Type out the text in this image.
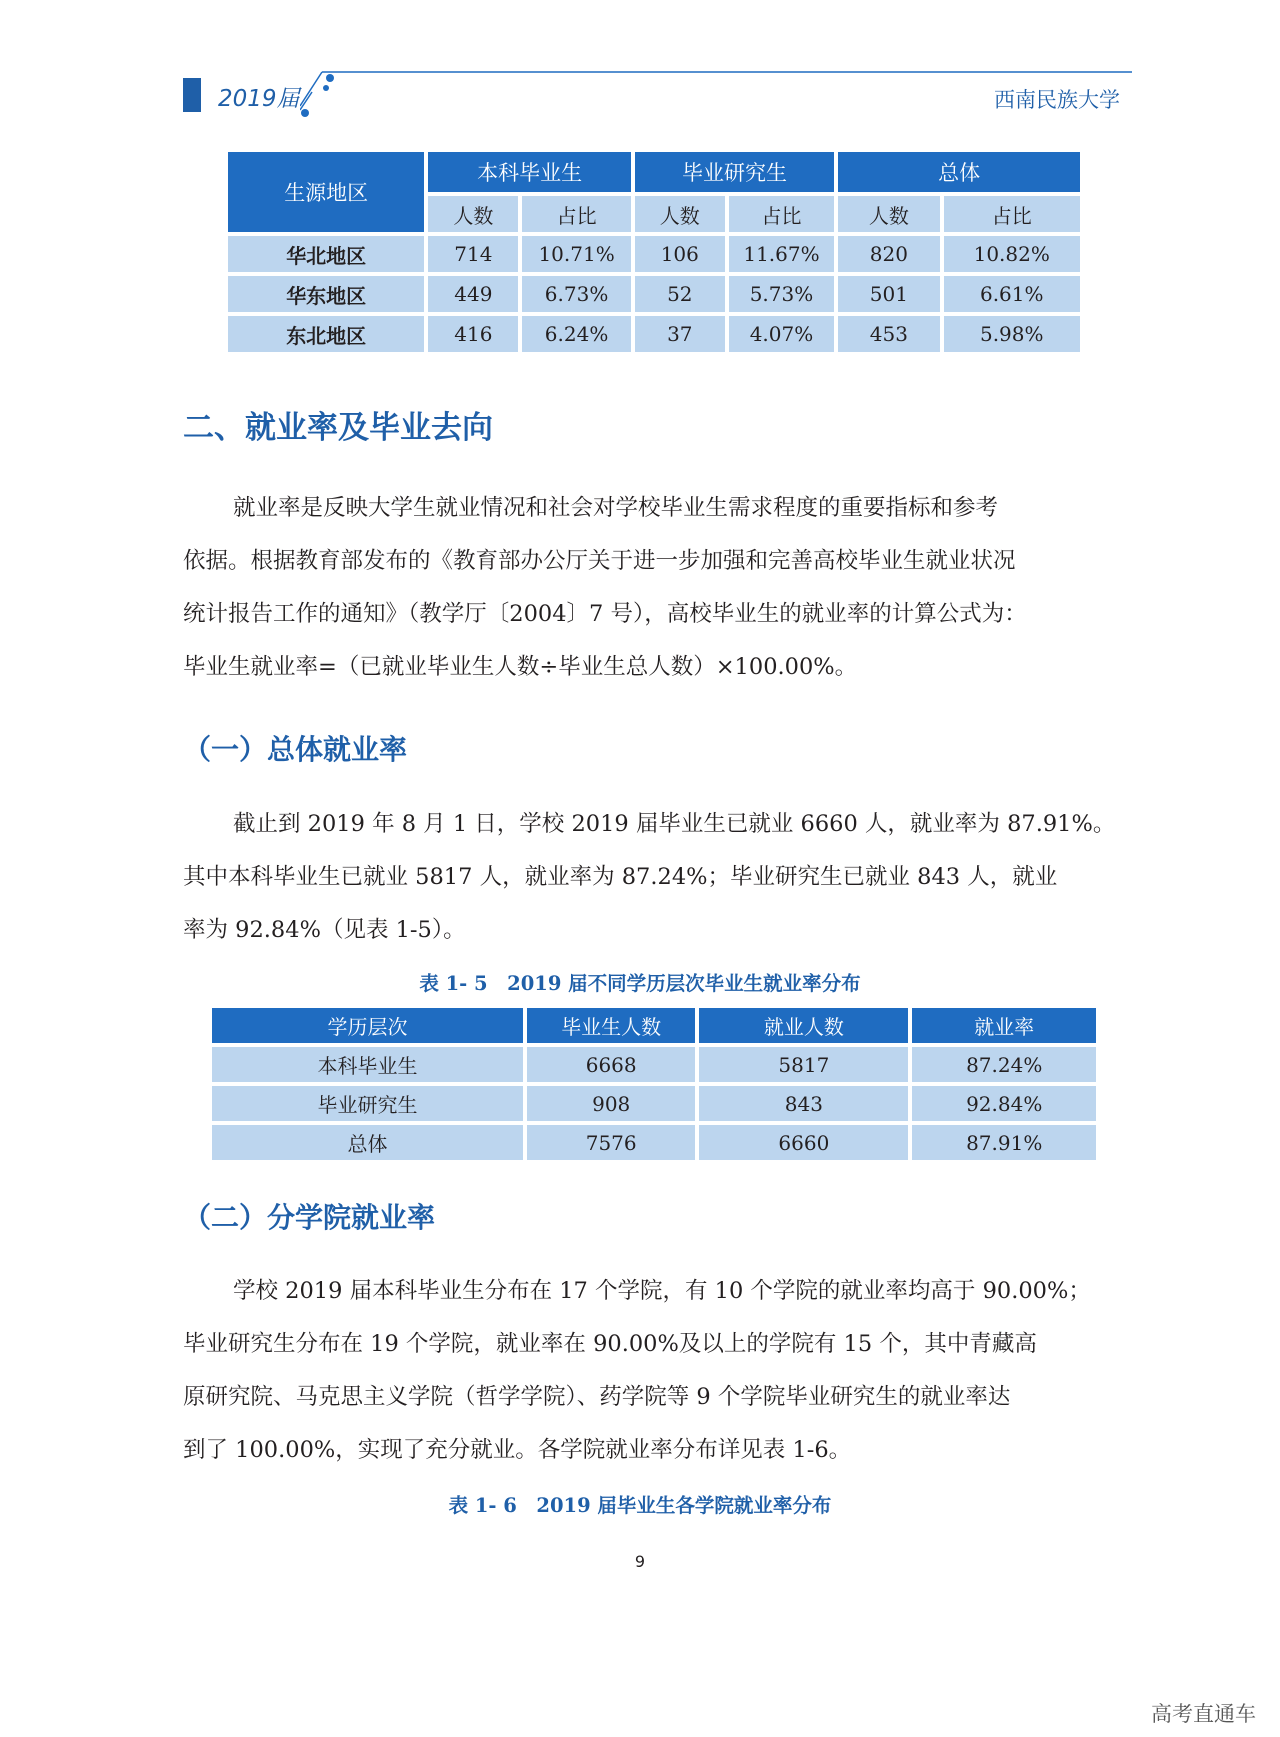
2019届	西南民族大学
生源地区	本科毕业生		毕业研究生		总体	
	人数	占比	人数	占比	人数	占比
华北地区	714	10.71%	106	11.67%	820	10.82%
华东地区	449	6.73%	52	5.73%	501	6.61%
东北地区	416	6.24%	37	4.07%	453	5.98%
二、就业率及毕业去向

就业率是反映大学生就业情况和社会对学校毕业生需求程度的重要指标和参考
依据。根据教育部发布的《教育部办公厅关于进一步加强和完善高校毕业生就业状况
统计报告工作的通知》（教学厅〔2004〕7 号），高校毕业生的就业率的计算公式为：
毕业生就业率=（已就业毕业生人数÷毕业生总人数）×100.00%。

（一）总体就业率

截止到 2019 年 8 月 1 日，学校 2019 届毕业生已就业 6660 人，就业率为 87.91%。
其中本科毕业生已就业 5817 人，就业率为 87.24%；毕业研究生已就业 843 人，就业
率为 92.84%（见表 1-5）。

表 1- 5　2019 届不同学历层次毕业生就业率分布
学历层次	毕业生人数	就业人数	就业率
本科毕业生	6668	5817	87.24%
毕业研究生	908	843	92.84%
总体	7576	6660	87.91%
（二）分学院就业率

学校 2019 届本科毕业生分布在 17 个学院，有 10 个学院的就业率均高于 90.00%；
毕业研究生分布在 19 个学院，就业率在 90.00%及以上的学院有 15 个，其中青藏高
原研究院、马克思主义学院（哲学学院）、药学院等 9 个学院毕业研究生的就业率达
到了 100.00%，实现了充分就业。各学院就业率分布详见表 1-6。

表 1- 6　2019 届毕业生各学院就业率分布
9
高考直通车
